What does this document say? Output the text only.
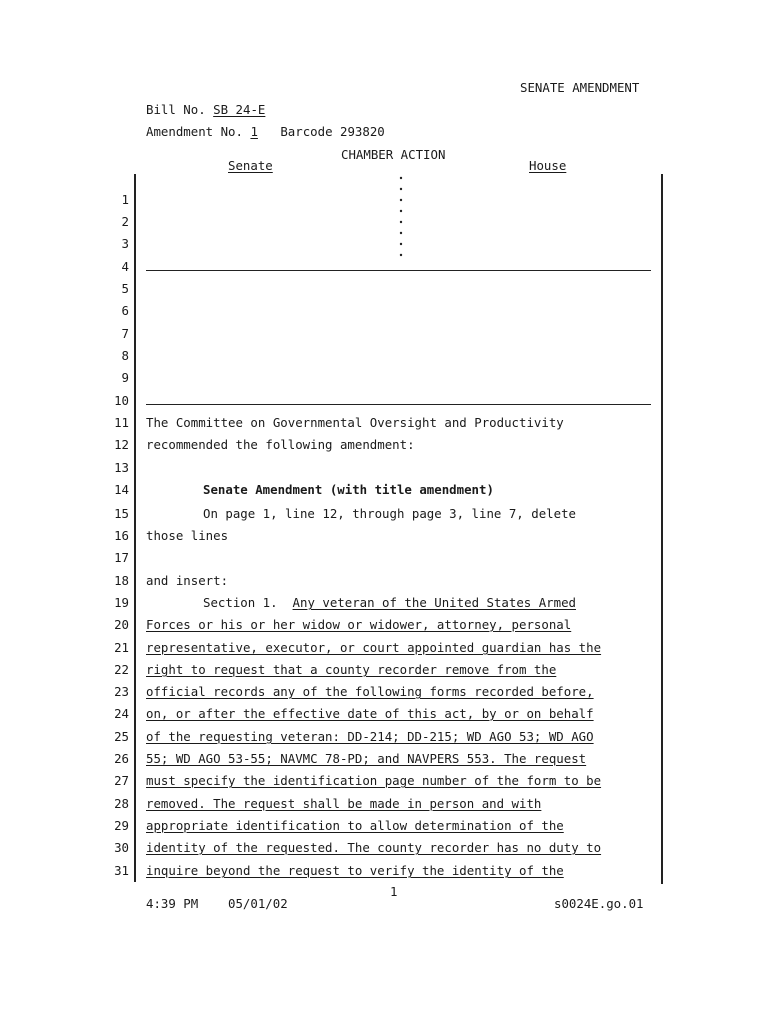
SENATE AMENDMENT
Bill No. SB 24-E
Amendment No. 1 Barcode 293820
CHAMBER ACTION
Senate	House
1
2
3
4
5
6
7
8
9
10
11
12
13
14
15
16
17
18
19
20
21
22
23
24
25
26
27
28
29
30
31
The Committee on Governmental Oversight and Productivity
recommended the following amendment:
Senate Amendment (with title amendment)
On page 1, line 12, through page 3, line 7, delete
those lines
and insert:
Section 1. Any veteran of the United States Armed
Forces or his or her widow or widower, attorney, personal
representative, executor, or court appointed guardian has the
right to request that a county recorder remove from the
official records any of the following forms recorded before,
on, or after the effective date of this act, by or on behalf
of the requesting veteran: DD-214; DD-215; WD AGO 53; WD AGO
55; WD AGO 53-55; NAVMC 78-PD; and NAVPERS 553. The request
must specify the identification page number of the form to be
removed. The request shall be made in person and with
appropriate identification to allow determination of the
identity of the requested. The county recorder has no duty to
inquire beyond the request to verify the identity of the
1
4:39 PM 05/01/02	s0024E.go.01
